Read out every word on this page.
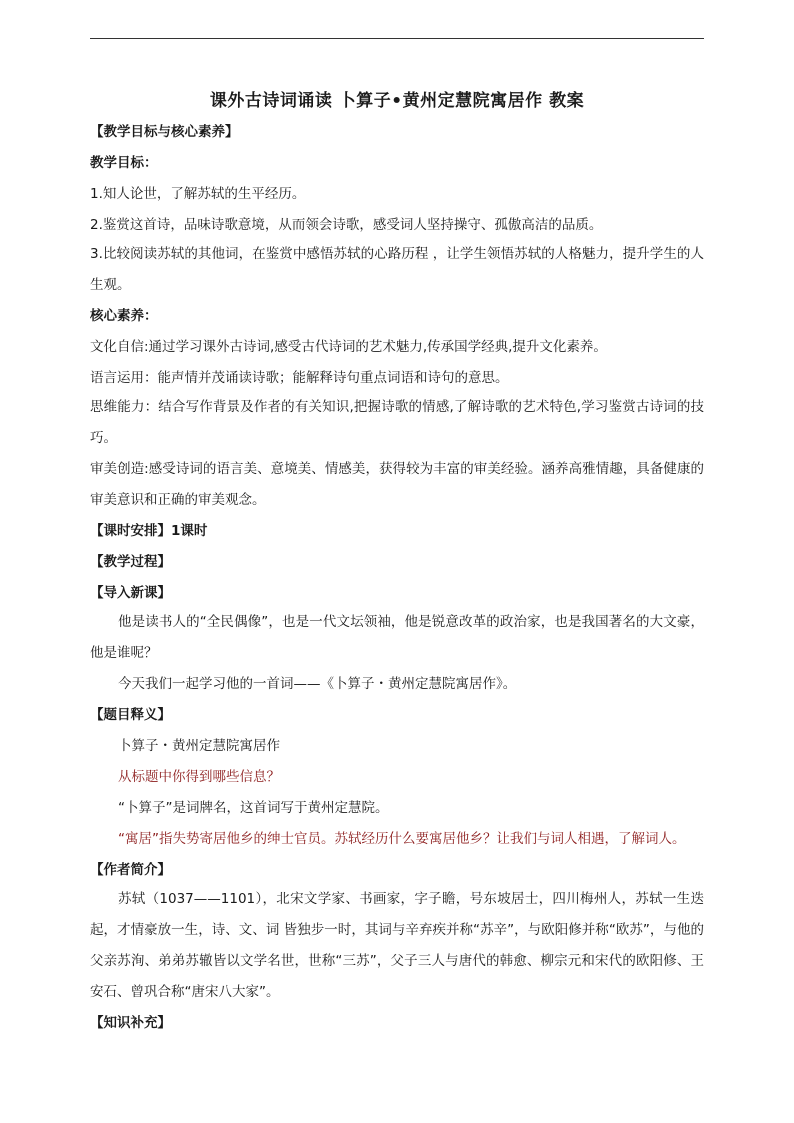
课外古诗词诵读 卜算子•黄州定慧院寓居作 教案

【教学目标与核心素养】

教学目标：

1.知人论世，了解苏轼的生平经历。

2.鉴赏这首诗，品味诗歌意境，从而领会诗歌，感受词人坚持操守、孤傲高洁的品质。

3.比较阅读苏轼的其他词，在鉴赏中感悟苏轼的心路历程 ，让学生领悟苏轼的人格魅力，提升学生的人生观。

核心素养：

文化自信:通过学习课外古诗词,感受古代诗词的艺术魅力,传承国学经典,提升文化素养。

语言运用：能声情并茂诵读诗歌；能解释诗句重点词语和诗句的意思。

思维能力：结合写作背景及作者的有关知识,把握诗歌的情感,了解诗歌的艺术特色,学习鉴赏古诗词的技巧。

审美创造:感受诗词的语言美、意境美、情感美，获得较为丰富的审美经验。涵养高雅情趣，具备健康的审美意识和正确的审美观念。

【课时安排】1课时

【教学过程】

【导入新课】

他是读书人的“全民偶像”，也是一代文坛领袖，他是锐意改革的政治家，也是我国著名的大文豪，他是谁呢？

今天我们一起学习他的一首词——《卜算子・黄州定慧院寓居作》。

【题目释义】

卜算子・黄州定慧院寓居作

从标题中你得到哪些信息？

“卜算子”是词牌名，这首词写于黄州定慧院。

“寓居”指失势寄居他乡的绅士官员。苏轼经历什么要寓居他乡？让我们与词人相遇，了解词人。

【作者简介】

苏轼（1037——1101），北宋文学家、书画家，字子瞻，号东坡居士，四川梅州人，苏轼一生迭起，才情豪放一生，诗、文、词 皆独步一时，其词与辛弃疾并称“苏辛”，与欧阳修并称“欧苏”，与他的父亲苏洵、弟弟苏辙皆以文学名世，世称“三苏”，父子三人与唐代的韩愈、柳宗元和宋代的欧阳修、王安石、曾巩合称“唐宋八大家”。

【知识补充】
